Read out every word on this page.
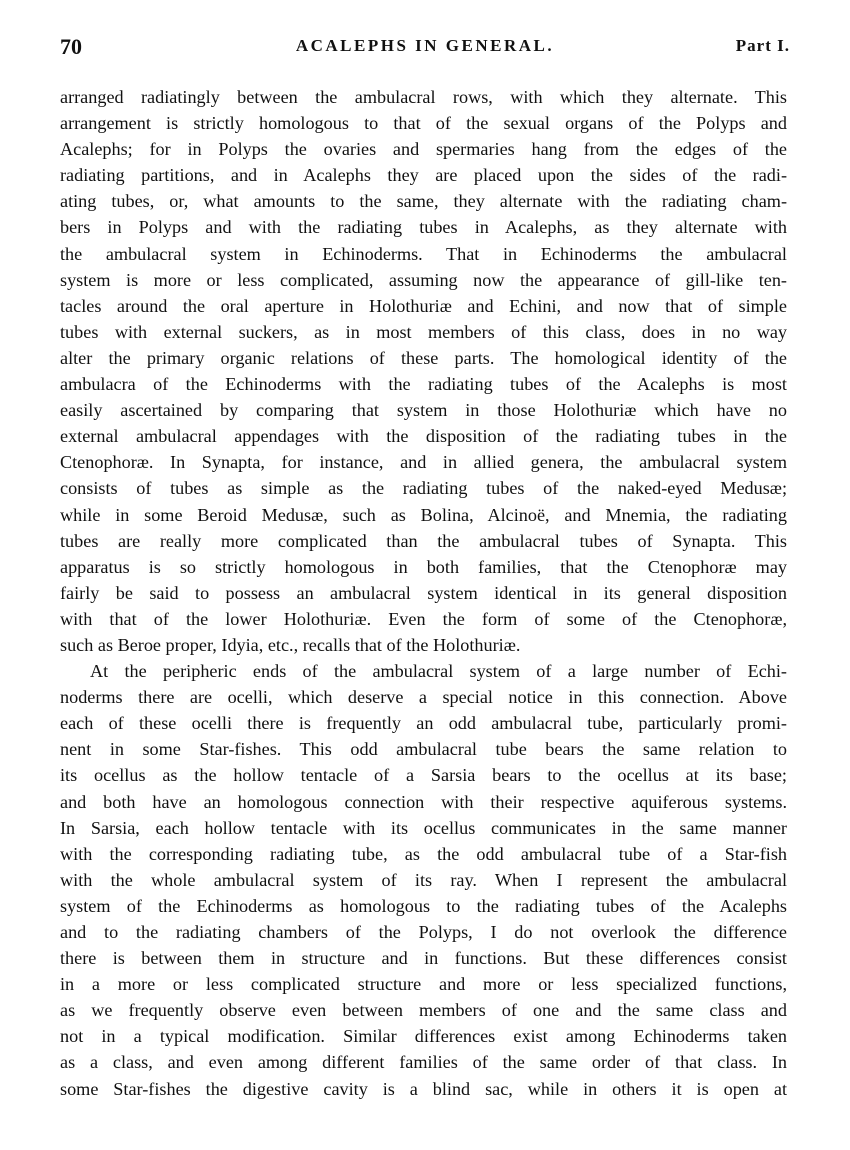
70	ACALEPHS IN GENERAL.	Part I.
arranged radiatingly between the ambulacral rows, with which they alternate. This
arrangement is strictly homologous to that of the sexual organs of the Polyps and
Acalephs; for in Polyps the ovaries and spermaries hang from the edges of the
radiating partitions, and in Acalephs they are placed upon the sides of the radi-
ating tubes, or, what amounts to the same, they alternate with the radiating cham-
bers in Polyps and with the radiating tubes in Acalephs, as they alternate with
the ambulacral system in Echinoderms. That in Echinoderms the ambulacral
system is more or less complicated, assuming now the appearance of gill-like ten-
tacles around the oral aperture in Holothuriæ and Echini, and now that of simple
tubes with external suckers, as in most members of this class, does in no way
alter the primary organic relations of these parts. The homological identity of the
ambulacra of the Echinoderms with the radiating tubes of the Acalephs is most
easily ascertained by comparing that system in those Holothuriæ which have no
external ambulacral appendages with the disposition of the radiating tubes in the
Ctenophoræ. In Synapta, for instance, and in allied genera, the ambulacral system
consists of tubes as simple as the radiating tubes of the naked-eyed Medusæ;
while in some Beroid Medusæ, such as Bolina, Alcinoë, and Mnemia, the radiating
tubes are really more complicated than the ambulacral tubes of Synapta. This
apparatus is so strictly homologous in both families, that the Ctenophoræ may
fairly be said to possess an ambulacral system identical in its general disposition
with that of the lower Holothuriæ. Even the form of some of the Ctenophoræ,
such as Beroe proper, Idyia, etc., recalls that of the Holothuriæ.
At the peripheric ends of the ambulacral system of a large number of Echi-
noderms there are ocelli, which deserve a special notice in this connection. Above
each of these ocelli there is frequently an odd ambulacral tube, particularly promi-
nent in some Star-fishes. This odd ambulacral tube bears the same relation to
its ocellus as the hollow tentacle of a Sarsia bears to the ocellus at its base;
and both have an homologous connection with their respective aquiferous systems.
In Sarsia, each hollow tentacle with its ocellus communicates in the same manner
with the corresponding radiating tube, as the odd ambulacral tube of a Star-fish
with the whole ambulacral system of its ray. When I represent the ambulacral
system of the Echinoderms as homologous to the radiating tubes of the Acalephs
and to the radiating chambers of the Polyps, I do not overlook the difference
there is between them in structure and in functions. But these differences consist
in a more or less complicated structure and more or less specialized functions,
as we frequently observe even between members of one and the same class and
not in a typical modification. Similar differences exist among Echinoderms taken
as a class, and even among different families of the same order of that class. In
some Star-fishes the digestive cavity is a blind sac, while in others it is open at
